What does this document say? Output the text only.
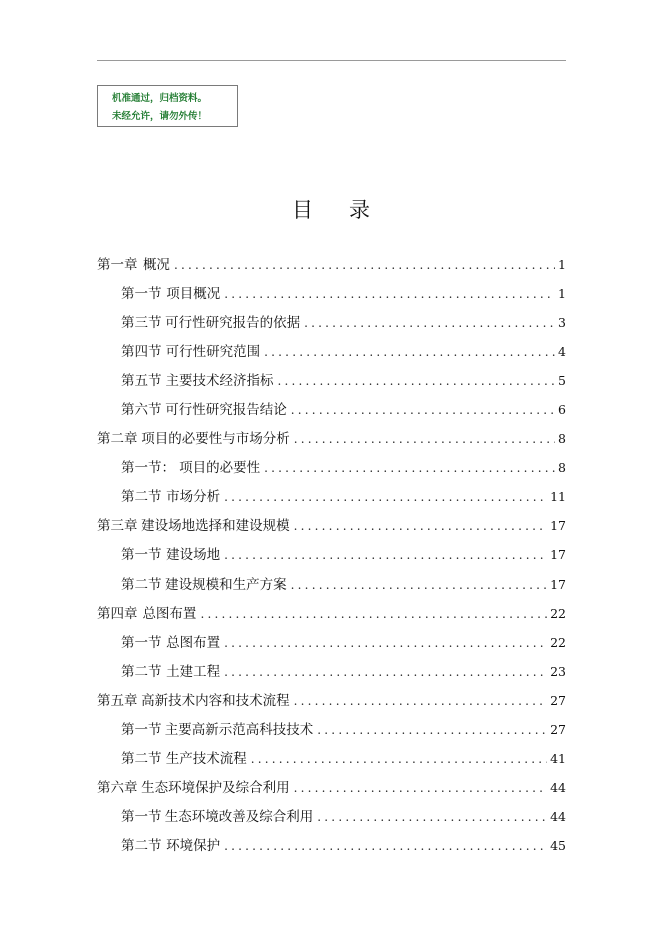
机准通过，归档资料。
未经允许，请勿外传！
目 录
第一章 概况 .....	1
第一节 项目概况 .....	1
第三节 可行性研究报告的依据 .....	3
第四节 可行性研究范围 .....	4
第五节 主要技术经济指标 .....	5
第六节 可行性研究报告结论 .....	6
第二章 项目的必要性与市场分析 .....	8
第一节： 项目的必要性 .....	8
第二节 市场分析 .....	11
第三章 建设场地选择和建设规模 .....	17
第一节 建设场地 .....	17
第二节 建设规模和生产方案 .....	17
第四章 总图布置 .....	22
第一节 总图布置 .....	22
第二节 土建工程 .....	23
第五章 高新技术内容和技术流程 .....	27
第一节 主要高新示范高科技技术 .....	27
第二节 生产技术流程 .....	41
第六章 生态环境保护及综合利用 .....	44
第一节 生态环境改善及综合利用 .....	44
第二节 环境保护 .....	45
